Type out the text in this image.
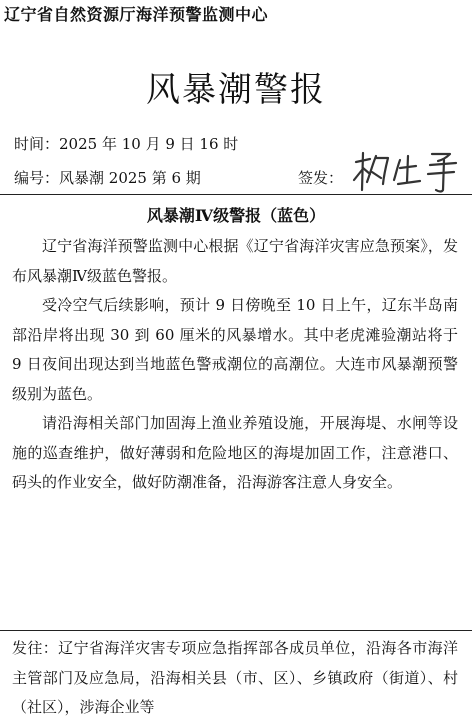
辽宁省自然资源厅海洋预警监测中心
风暴潮警报
时间：2025 年 10 月 9 日 16 时
编号：风暴潮 2025 第 6 期	签发：
风暴潮Ⅳ级警报（蓝色）

辽宁省海洋预警监测中心根据《辽宁省海洋灾害应急预案》，发布风暴潮Ⅳ级蓝色警报。

受冷空气后续影响，预计 9 日傍晚至 10 日上午，辽东半岛南部沿岸将出现 30 到 60 厘米的风暴增水。其中老虎滩验潮站将于 9 日夜间出现达到当地蓝色警戒潮位的高潮位。大连市风暴潮预警级别为蓝色。

请沿海相关部门加固海上渔业养殖设施，开展海堤、水闸等设施的巡查维护，做好薄弱和危险地区的海堤加固工作，注意港口、码头的作业安全，做好防潮准备，沿海游客注意人身安全。

发往：辽宁省海洋灾害专项应急指挥部各成员单位，沿海各市海洋主管部门及应急局，沿海相关县（市、区）、乡镇政府（街道）、村（社区），涉海企业等
